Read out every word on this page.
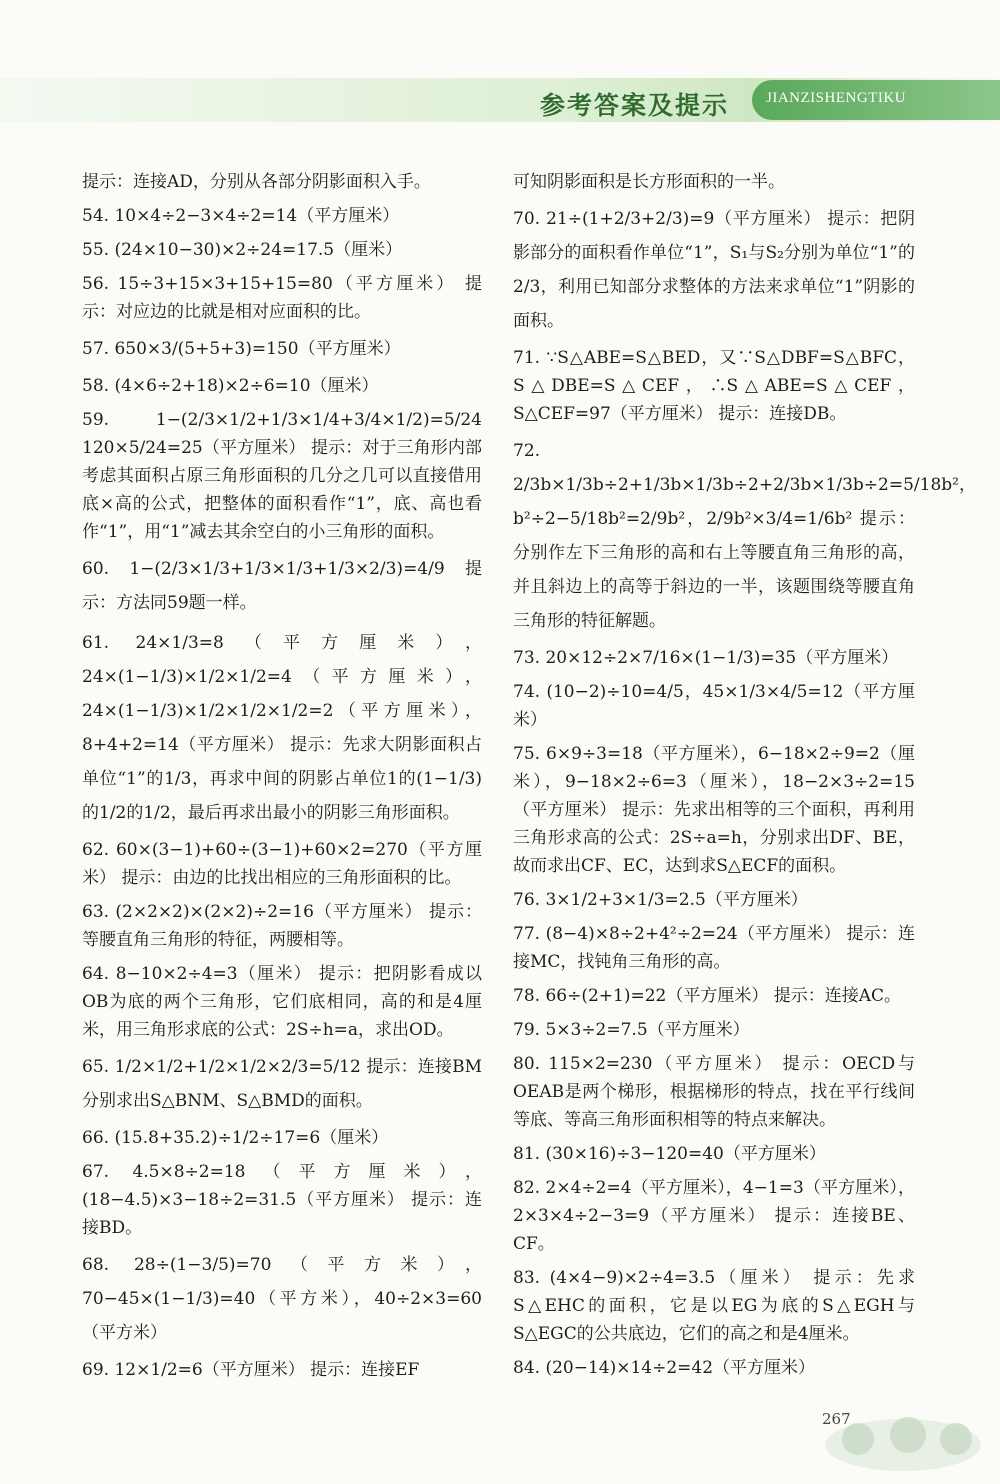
参考答案及提示 JIANZISHENGTIKU

提示：连接AD，分别从各部分阴影面积入手。

54. 10×4÷2−3×4÷2=14（平方厘米）

55. (24×10−30)×2÷24=17.5（厘米）

56. 15÷3+15×3+15+15=80（平方厘米） 提示：对应边的比就是相对应面积的比。

57. 650×3/(5+5+3)=150（平方厘米）

58. (4×6÷2+18)×2÷6=10（厘米）

59. 1−(2/3×1/2+1/3×1/4+3/4×1/2)=5/24 120×5/24=25（平方厘米） 提示：对于三角形内部考虑其面积占原三角形面积的几分之几可以直接借用底×高的公式，把整体的面积看作“1”，底、高也看作“1”，用“1”减去其余空白的小三角形的面积。

60. 1−(2/3×1/3+1/3×1/3+1/3×2/3)=4/9 提示：方法同59题一样。

61. 24×1/3=8（平方厘米），24×(1−1/3)×1/2×1/2=4（平方厘米），24×(1−1/3)×1/2×1/2×1/2=2（平方厘米），8+4+2=14（平方厘米） 提示：先求大阴影面积占单位“1”的1/3，再求中间的阴影占单位1的(1−1/3)的1/2的1/2，最后再求出最小的阴影三角形面积。

62. 60×(3−1)+60÷(3−1)+60×2=270（平方厘米） 提示：由边的比找出相应的三角形面积的比。

63. (2×2×2)×(2×2)÷2=16（平方厘米） 提示：等腰直角三角形的特征，两腰相等。

64. 8−10×2÷4=3（厘米） 提示：把阴影看成以OB为底的两个三角形，它们底相同，高的和是4厘米，用三角形求底的公式：2S÷h=a，求出OD。

65. 1/2×1/2+1/2×1/2×2/3=5/12 提示：连接BM分别求出S△BNM、S△BMD的面积。

66. (15.8+35.2)÷1/2÷17=6（厘米）

67. 4.5×8÷2=18（平方厘米），(18−4.5)×3−18÷2=31.5（平方厘米） 提示：连接BD。

68. 28÷(1−3/5)=70（平方米），70−45×(1−1/3)=40（平方米），40÷2×3=60（平方米）

69. 12×1/2=6（平方厘米） 提示：连接EF

可知阴影面积是长方形面积的一半。

70. 21÷(1+2/3+2/3)=9（平方厘米） 提示：把阴影部分的面积看作单位“1”，S₁与S₂分别为单位“1”的2/3，利用已知部分求整体的方法来求单位“1”阴影的面积。

71. ∵S△ABE=S△BED，又∵S△DBF=S△BFC，S△DBE=S△CEF，∴S△ABE=S△CEF，S△CEF=97（平方厘米） 提示：连接DB。

72. 2/3b×1/3b÷2+1/3b×1/3b÷2+2/3b×1/3b÷2=5/18b²，b²÷2−5/18b²=2/9b²，2/9b²×3/4=1/6b² 提示：分别作左下三角形的高和右上等腰直角三角形的高，并且斜边上的高等于斜边的一半，该题围绕等腰直角三角形的特征解题。

73. 20×12÷2×7/16×(1−1/3)=35（平方厘米）

74. (10−2)÷10=4/5，45×1/3×4/5=12（平方厘米）

75. 6×9÷3=18（平方厘米），6−18×2÷9=2（厘米），9−18×2÷6=3（厘米），18−2×3÷2=15（平方厘米） 提示：先求出相等的三个面积，再利用三角形求高的公式：2S÷a=h，分别求出DF、BE，故而求出CF、EC，达到求S△ECF的面积。

76. 3×1/2+3×1/3=2.5（平方厘米）

77. (8−4)×8÷2+4²÷2=24（平方厘米） 提示：连接MC，找钝角三角形的高。

78. 66÷(2+1)=22（平方厘米） 提示：连接AC。

79. 5×3÷2=7.5（平方厘米）

80. 115×2=230（平方厘米） 提示：OECD与OEAB是两个梯形，根据梯形的特点，找在平行线间等底、等高三角形面积相等的特点来解决。

81. (30×16)÷3−120=40（平方厘米）

82. 2×4÷2=4（平方厘米），4−1=3（平方厘米），2×3×4÷2−3=9（平方厘米） 提示：连接BE、CF。

83. (4×4−9)×2÷4=3.5（厘米） 提示：先求S△EHC的面积，它是以EG为底的S△EGH与S△EGC的公共底边，它们的高之和是4厘米。

84. (20−14)×14÷2=42（平方厘米）

267
